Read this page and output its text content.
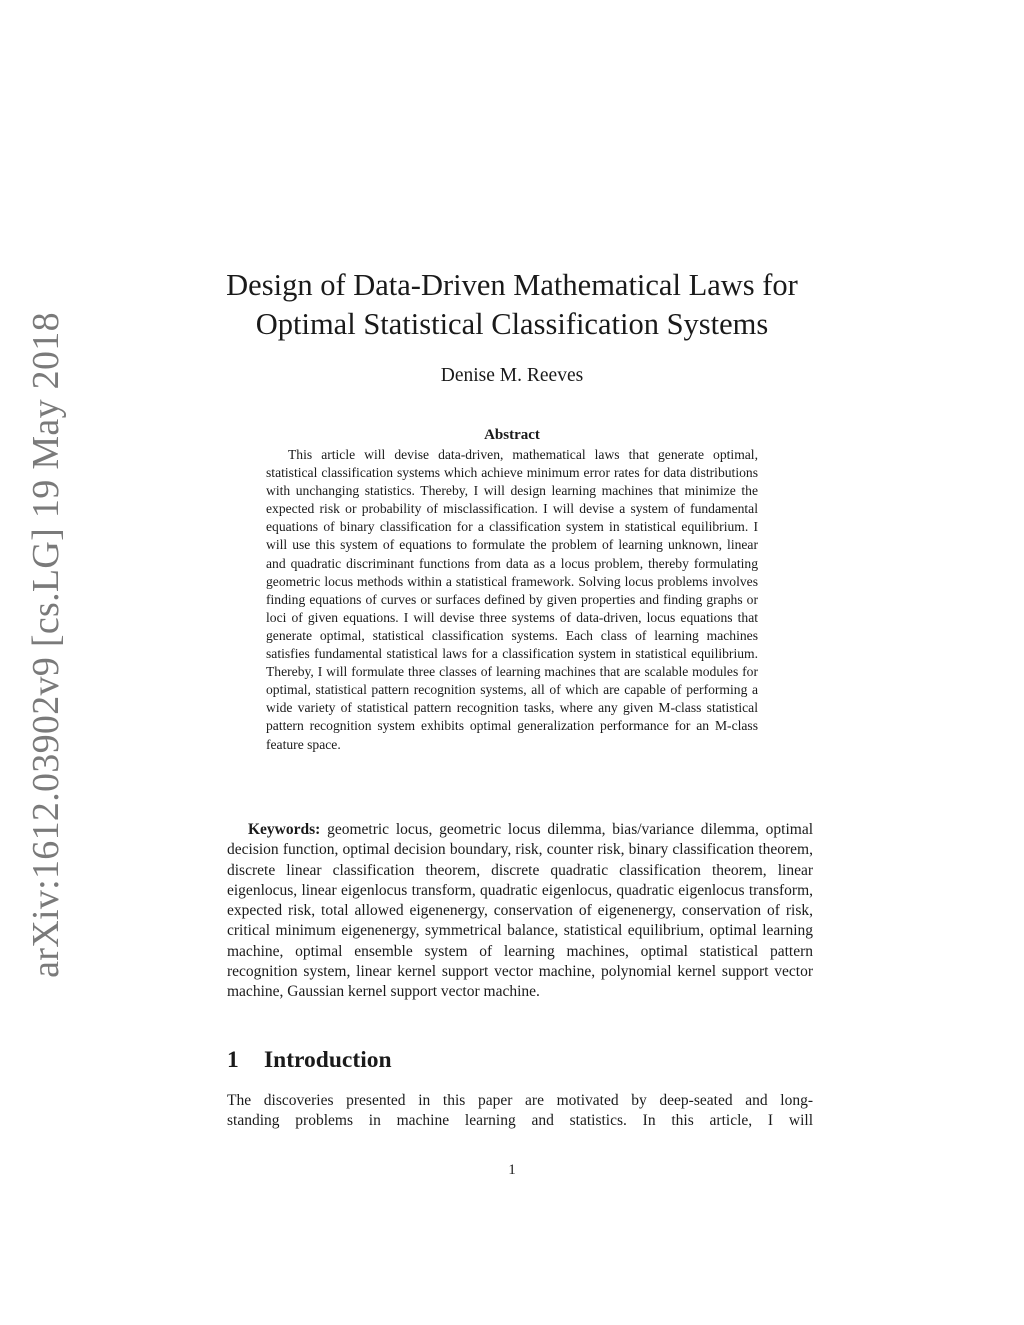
arXiv:1612.03902v9 [cs.LG] 19 May 2018
Design of Data-Driven Mathematical Laws for
Optimal Statistical Classification Systems
Denise M. Reeves
Abstract

This article will devise data-driven, mathematical laws that generate optimal, statistical classification systems which achieve minimum error rates for data distributions with unchanging statistics. Thereby, I will design learning machines that minimize the expected risk or probability of misclassification. I will devise a system of fundamental equations of binary classification for a classification system in statistical equilibrium. I will use this system of equations to formulate the problem of learning unknown, linear and quadratic discriminant functions from data as a locus problem, thereby formulating geometric locus methods within a statistical framework. Solving locus problems involves finding equations of curves or surfaces defined by given properties and finding graphs or loci of given equations. I will devise three systems of data-driven, locus equations that generate optimal, statistical classification systems. Each class of learning machines satisfies fundamental statistical laws for a classification system in statistical equilibrium. Thereby, I will formulate three classes of learning machines that are scalable modules for optimal, statistical pattern recognition systems, all of which are capable of performing a wide variety of statistical pattern recognition tasks, where any given M-class statistical pattern recognition system exhibits optimal generalization performance for an M-class feature space.

Keywords: geometric locus, geometric locus dilemma, bias/variance dilemma, optimal decision function, optimal decision boundary, risk, counter risk, binary classification theorem, discrete linear classification theorem, discrete quadratic classification theorem, linear eigenlocus, linear eigenlocus transform, quadratic eigenlocus, quadratic eigenlocus transform, expected risk, total allowed eigenenergy, conservation of eigenenergy, conservation of risk, critical minimum eigenenergy, symmetrical balance, statistical equilibrium, optimal learning machine, optimal ensemble system of learning machines, optimal statistical pattern recognition system, linear kernel support vector machine, polynomial kernel support vector machine, Gaussian kernel support vector machine.

1 Introduction

The discoveries presented in this paper are motivated by deep-seated and long-
standing problems in machine learning and statistics. In this article, I will

1
